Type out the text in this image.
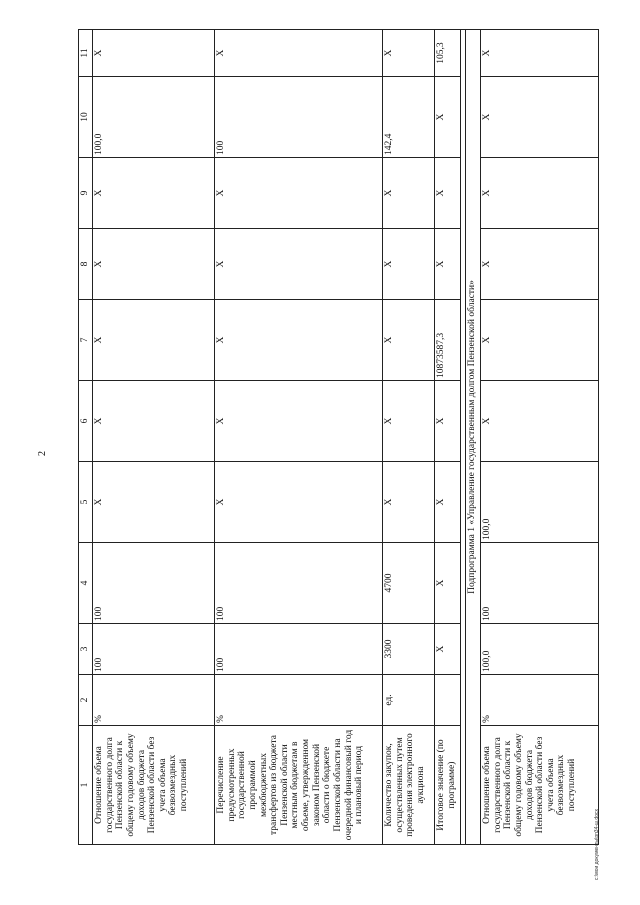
2
1	2	3	4	5	6	7	8	9	10	11
Отношение объема государственного долга Пензенской области к общему годовому объему доходов бюджета Пензенской области без учета объема безвозмездных поступлений	%	100	100	X	X	X	X	X	100,0	X
Перечисление предусмотренных государственной программой межбюджетных трансфертов из бюджета Пензенской области местным бюджетам в объеме, утвержденном законом Пензенской области о бюджете Пензенской области на очередной финансовый год и плановый период	%	100	100	X	X	X	X	X	100	X
Количество закупок, осуществленных путем проведения электронного аукциона	ед.	3300	4700	X	X	X	X	X	142,4	X
Итоговое значение (по программе)		X	X	X	X	10873587,3	X	X	X	105,3

Подпрограмма 1 «Управление государственным долгом Пензенской области»										
Отношение объема государственного долга Пензенской области к общему годовому объему доходов бюджета Пензенской области без учета объема безвозмездных поступлений	%	100,0	100	100,0	X	X	X	X	X	X
c:\мои документы\рп34-ш.docx
